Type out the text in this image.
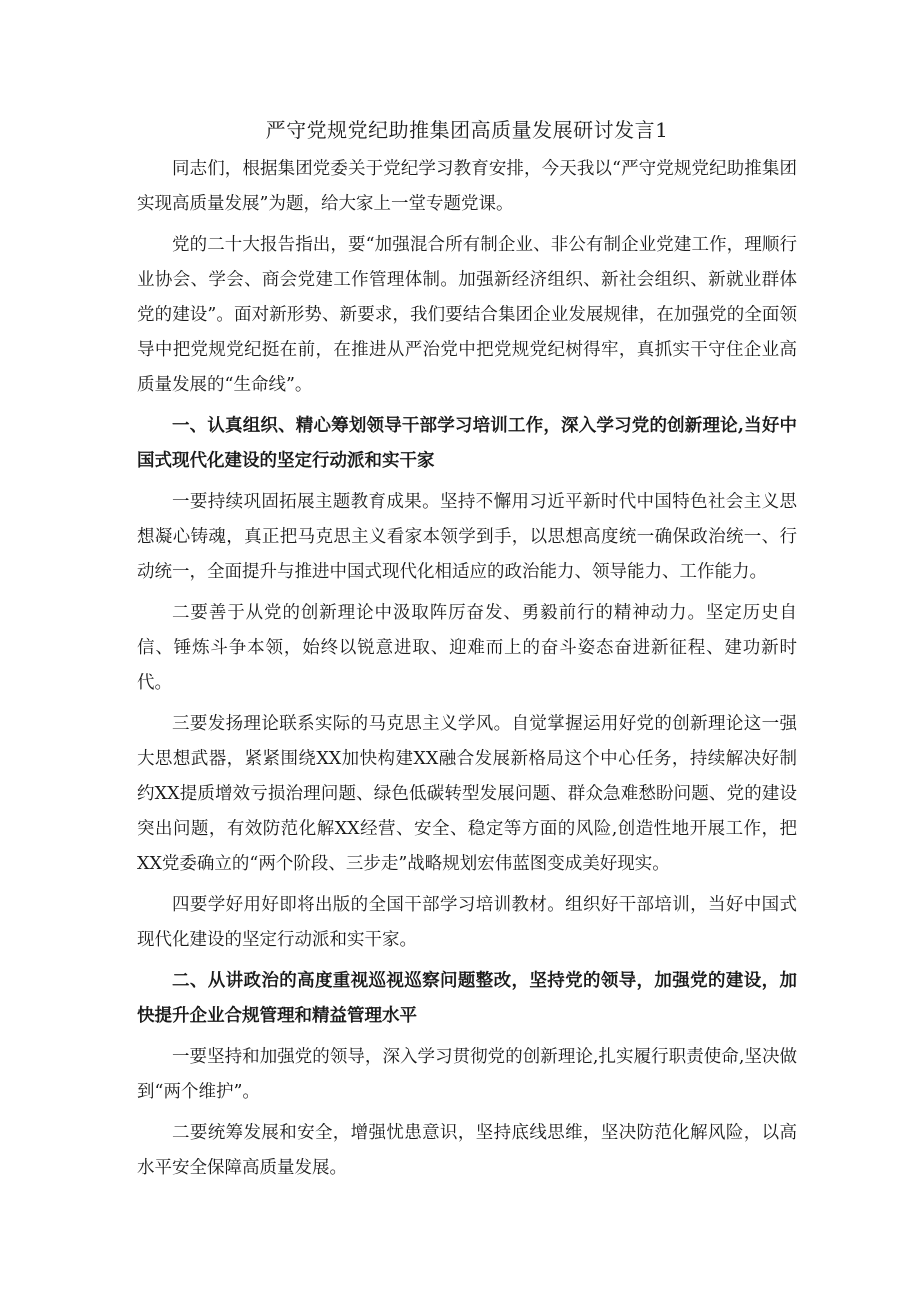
严守党规党纪助推集团高质量发展研讨发言1

同志们，根据集团党委关于党纪学习教育安排，今天我以“严守党规党纪助推集团实现高质量发展”为题，给大家上一堂专题党课。

党的二十大报告指出，要“加强混合所有制企业、非公有制企业党建工作，理顺行业协会、学会、商会党建工作管理体制。加强新经济组织、新社会组织、新就业群体党的建设”。面对新形势、新要求，我们要结合集团企业发展规律，在加强党的全面领导中把党规党纪挺在前，在推进从严治党中把党规党纪树得牢，真抓实干守住企业高质量发展的“生命线”。

一、认真组织、精心筹划领导干部学习培训工作，深入学习党的创新理论,当好中国式现代化建设的坚定行动派和实干家

一要持续巩固拓展主题教育成果。坚持不懈用习近平新时代中国特色社会主义思想凝心铸魂，真正把马克思主义看家本领学到手，以思想高度统一确保政治统一、行动统一，全面提升与推进中国式现代化相适应的政治能力、领导能力、工作能力。

二要善于从党的创新理论中汲取阵厉奋发、勇毅前行的精神动力。坚定历史自信、锤炼斗争本领，始终以锐意进取、迎难而上的奋斗姿态奋进新征程、建功新时代。

三要发扬理论联系实际的马克思主义学风。自觉掌握运用好党的创新理论这一强大思想武器，紧紧围绕XX加快构建XX融合发展新格局这个中心任务，持续解决好制约XX提质增效亏损治理问题、绿色低碳转型发展问题、群众急难愁盼问题、党的建设突出问题，有效防范化解XX经营、安全、稳定等方面的风险,创造性地开展工作，把XX党委确立的“两个阶段、三步走”战略规划宏伟蓝图变成美好现实。

四要学好用好即将出版的全国干部学习培训教材。组织好干部培训，当好中国式现代化建设的坚定行动派和实干家。

二、从讲政治的高度重视巡视巡察问题整改，坚持党的领导，加强党的建设，加快提升企业合规管理和精益管理水平

一要坚持和加强党的领导，深入学习贯彻党的创新理论,扎实履行职责使命,坚决做到“两个维护”。

二要统筹发展和安全，增强忧患意识，坚持底线思维，坚决防范化解风险，以高水平安全保障高质量发展。
